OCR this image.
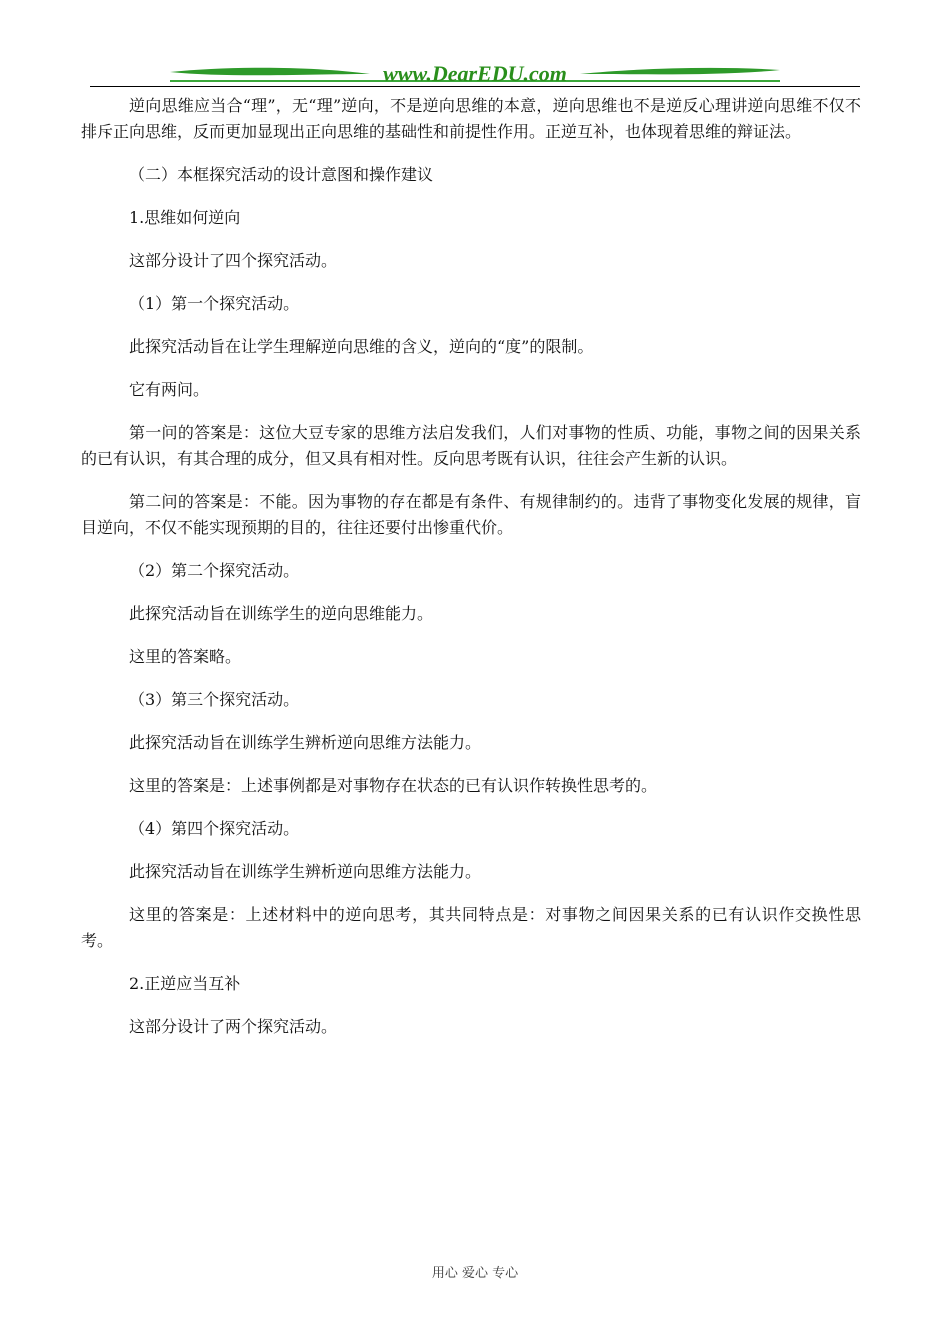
www.DearEDU.com

逆向思维应当合“理”，无“理”逆向，不是逆向思维的本意，逆向思维也不是逆反心理讲逆向思维不仅不排斥正向思维，反而更加显现出正向思维的基础性和前提性作用。正逆互补，也体现着思维的辩证法。

（二）本框探究活动的设计意图和操作建议

1.思维如何逆向

这部分设计了四个探究活动。

（1）第一个探究活动。

此探究活动旨在让学生理解逆向思维的含义，逆向的“度”的限制。

它有两问。

第一问的答案是：这位大豆专家的思维方法启发我们，人们对事物的性质、功能，事物之间的因果关系的已有认识，有其合理的成分，但又具有相对性。反向思考既有认识，往往会产生新的认识。

第二问的答案是：不能。因为事物的存在都是有条件、有规律制约的。违背了事物变化发展的规律，盲目逆向，不仅不能实现预期的目的，往往还要付出惨重代价。

（2）第二个探究活动。

此探究活动旨在训练学生的逆向思维能力。

这里的答案略。

（3）第三个探究活动。

此探究活动旨在训练学生辨析逆向思维方法能力。

这里的答案是：上述事例都是对事物存在状态的已有认识作转换性思考的。

（4）第四个探究活动。

此探究活动旨在训练学生辨析逆向思维方法能力。

这里的答案是：上述材料中的逆向思考，其共同特点是：对事物之间因果关系的已有认识作交换性思考。

2.正逆应当互补

这部分设计了两个探究活动。

用心 爱心 专心
